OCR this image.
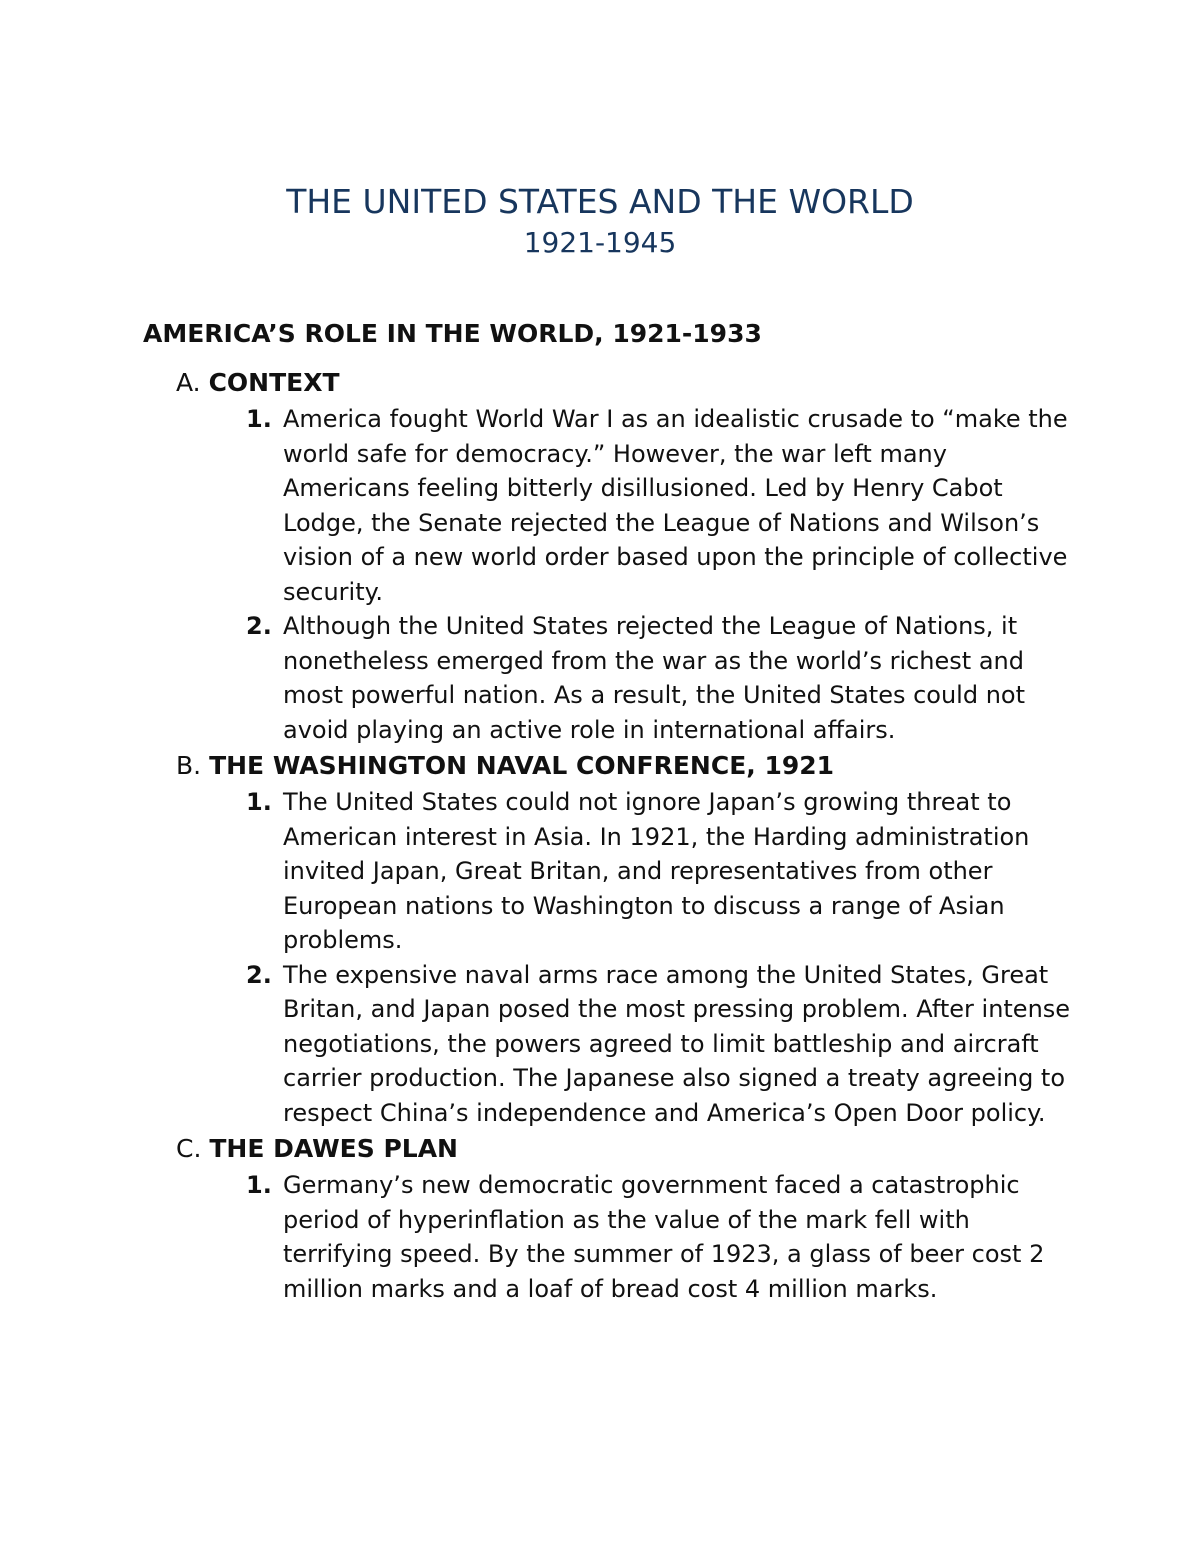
THE UNITED STATES AND THE WORLD
1921-1945
AMERICA’S ROLE IN THE WORLD, 1921-1933
A. CONTEXT
1. America fought World War I as an idealistic crusade to “make the world safe for democracy.” However, the war left many Americans feeling bitterly disillusioned. Led by Henry Cabot Lodge, the Senate rejected the League of Nations and Wilson’s vision of a new world order based upon the principle of collective security.

2. Although the United States rejected the League of Nations, it nonetheless emerged from the war as the world’s richest and most powerful nation. As a result, the United States could not avoid playing an active role in international affairs.

B. THE WASHINGTON NAVAL CONFRENCE, 1921
1. The United States could not ignore Japan’s growing threat to American interest in Asia. In 1921, the Harding administration invited Japan, Great Britan, and representatives from other European nations to Washington to discuss a range of Asian problems.

2. The expensive naval arms race among the United States, Great Britan, and Japan posed the most pressing problem. After intense negotiations, the powers agreed to limit battleship and aircraft carrier production. The Japanese also signed a treaty agreeing to respect China’s independence and America’s Open Door policy.

C. THE DAWES PLAN
1. Germany’s new democratic government faced a catastrophic period of hyperinflation as the value of the mark fell with terrifying speed. By the summer of 1923, a glass of beer cost 2 million marks and a loaf of bread cost 4 million marks.
